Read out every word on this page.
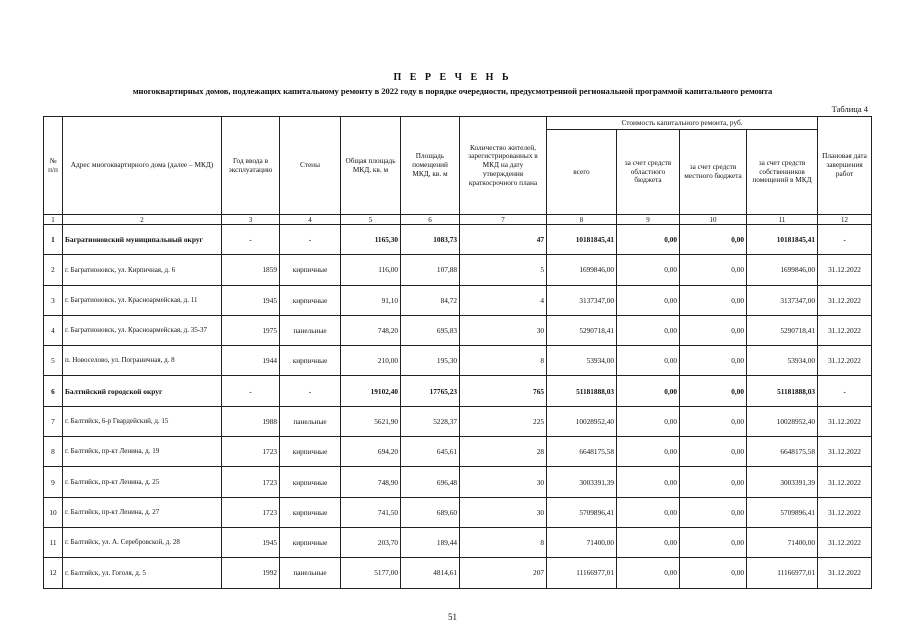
П Е Р Е Ч Е Н Ь
многоквартирных домов, подлежащих капитальному ремонту в 2022 году в порядке очередности, предусмотренной региональной программой капитального ремонта
Таблица 4
№ п/п	Адрес многоквартирного дома (далее – МКД)	Год ввода в эксплуатацию	Стены	Общая площадь МКД, кв. м	Площадь помещений МКД, кв. м	Количество жителей, зарегистрированных в МКД на дату утверждения краткосрочного плана	Стоимость капитального ремонта, руб.				Плановая дата завершения работ
							всего	за счет средств областного бюджета	за счет средств местного бюджета	за счет средств собственников помещений в МКД	
1	2	3	4	5	6	7	8	9	10	11	12
1	Багратионовский муниципальный округ	-	-	1165,30	1083,73	47	10181845,41	0,00	0,00	10181845,41	-
2	г. Багратионовск, ул. Кирпичная, д. 6	1859	кирпичные	116,00	107,88	5	1699846,00	0,00	0,00	1699846,00	31.12.2022
3	г. Багратионовск, ул. Красноармейская, д. 11	1945	кирпичные	91,10	84,72	4	3137347,00	0,00	0,00	3137347,00	31.12.2022
4	г. Багратионовск, ул. Красноармейская, д. 35-37	1975	панельные	748,20	695,83	30	5290718,41	0,00	0,00	5290718,41	31.12.2022
5	п. Новоселово, ул. Пограничная, д. 8	1944	кирпичные	210,00	195,30	8	53934,00	0,00	0,00	53934,00	31.12.2022
6	Балтийский городской округ	-	-	19102,40	17765,23	765	51181888,03	0,00	0,00	51181888,03	-
7	г. Балтийск, 6-р Гвардейский, д. 15	1988	панельные	5621,90	5228,37	225	10028952,40	0,00	0,00	10028952,40	31.12.2022
8	г. Балтийск, пр-кт Ленина, д. 19	1723	кирпичные	694,20	645,61	28	6648175,58	0,00	0,00	6648175,58	31.12.2022
9	г. Балтийск, пр-кт Ленина, д. 25	1723	кирпичные	748,90	696,48	30	3003391,39	0,00	0,00	3003391,39	31.12.2022
10	г. Балтийск, пр-кт Ленина, д. 27	1723	кирпичные	741,50	689,60	30	5709896,41	0,00	0,00	5709896,41	31.12.2022
11	г. Балтийск, ул. А. Серебровской, д. 28	1945	кирпичные	203,70	189,44	8	71400,00	0,00	0,00	71400,00	31.12.2022
12	г. Балтийск, ул. Гоголя, д. 5	1992	панельные	5177,00	4814,61	207	11166977,01	0,00	0,00	11166977,01	31.12.2022
51
